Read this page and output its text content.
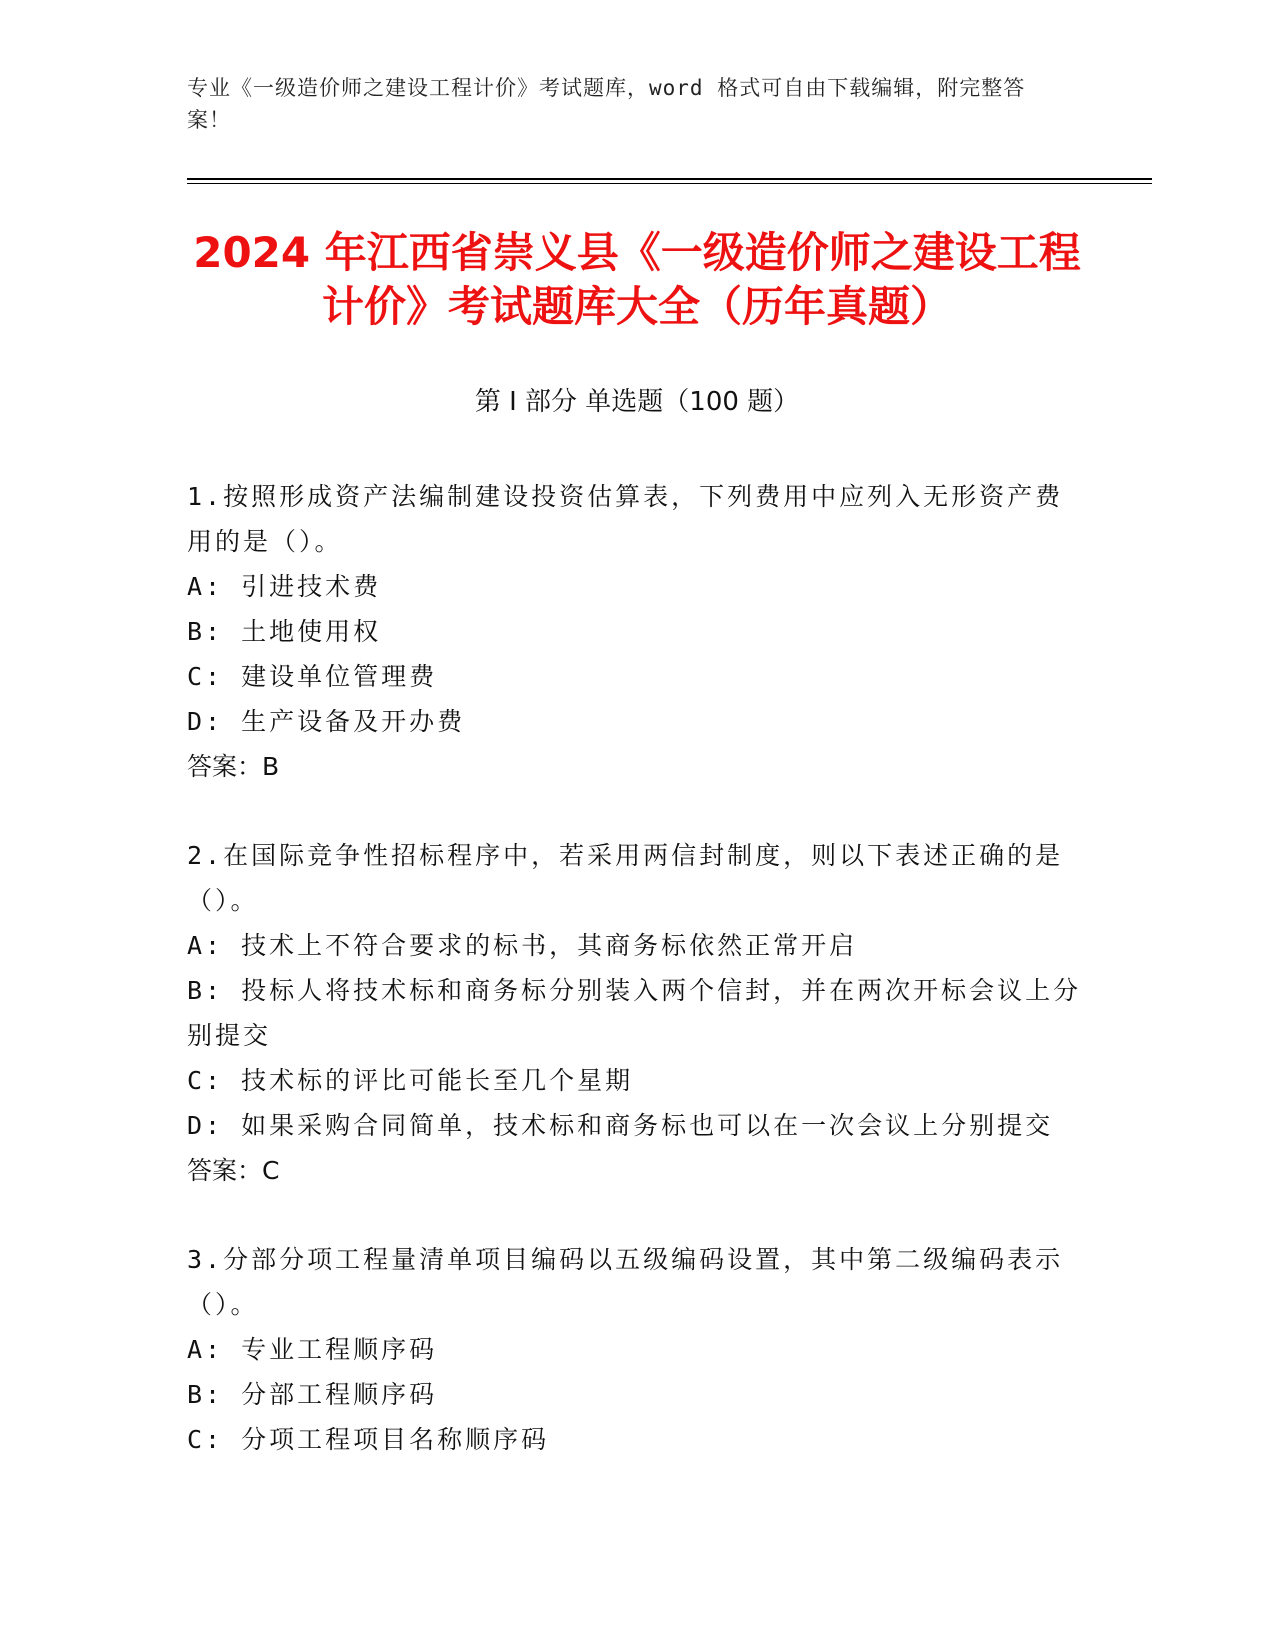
专业《一级造价师之建设工程计价》考试题库，word 格式可自由下载编辑，附完整答案！
2024 年江西省崇义县《一级造价师之建设工程计价》考试题库大全（历年真题）
第 I 部分 单选题（100 题）
1.按照形成资产法编制建设投资估算表，下列费用中应列入无形资产费用的是（）。
A: 引进技术费
B: 土地使用权
C: 建设单位管理费
D: 生产设备及开办费
答案：B
2.在国际竞争性招标程序中，若采用两信封制度，则以下表述正确的是（）。
A: 技术上不符合要求的标书，其商务标依然正常开启
B: 投标人将技术标和商务标分别装入两个信封，并在两次开标会议上分别提交
C: 技术标的评比可能长至几个星期
D: 如果采购合同简单，技术标和商务标也可以在一次会议上分别提交
答案：C
3.分部分项工程量清单项目编码以五级编码设置，其中第二级编码表示（）。
A: 专业工程顺序码
B: 分部工程顺序码
C: 分项工程项目名称顺序码
